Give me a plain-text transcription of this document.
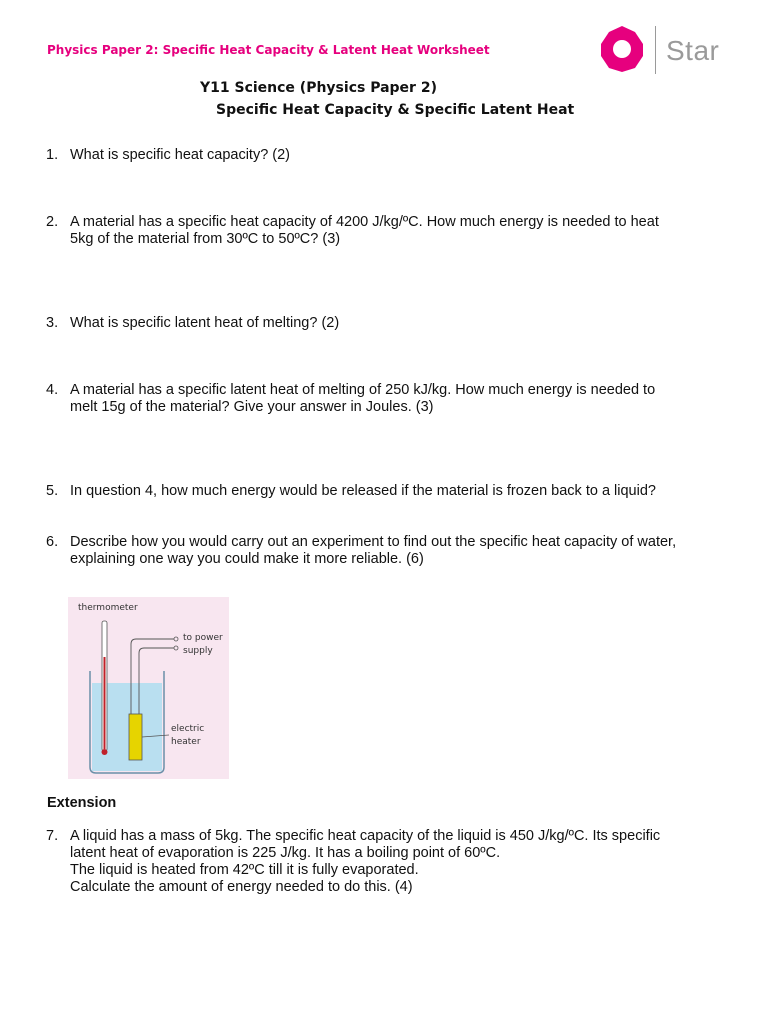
Physics Paper 2: Specific Heat Capacity & Latent Heat Worksheet	Star
Y11 Science (Physics Paper 2)
Specific Heat Capacity & Specific Latent Heat
1. What is specific heat capacity? (2)
2. A material has a specific heat capacity of 4200 J/kg/ºC. How much energy is needed to heat
5kg of the material from 30ºC to 50ºC? (3)
3. What is specific latent heat of melting? (2)
4. A material has a specific latent heat of melting of 250 kJ/kg. How much energy is needed to
melt 15g of the material? Give your answer in Joules. (3)
5. In question 4, how much energy would be released if the material is frozen back to a liquid?
6. Describe how you would carry out an experiment to find out the specific heat capacity of water,
explaining one way you could make it more reliable. (6)
thermometer
to power
supply
electric
heater
Extension
7. A liquid has a mass of 5kg. The specific heat capacity of the liquid is 450 J/kg/ºC. Its specific
latent heat of evaporation is 225 J/kg. It has a boiling point of 60ºC.
The liquid is heated from 42ºC till it is fully evaporated.
Calculate the amount of energy needed to do this. (4)
